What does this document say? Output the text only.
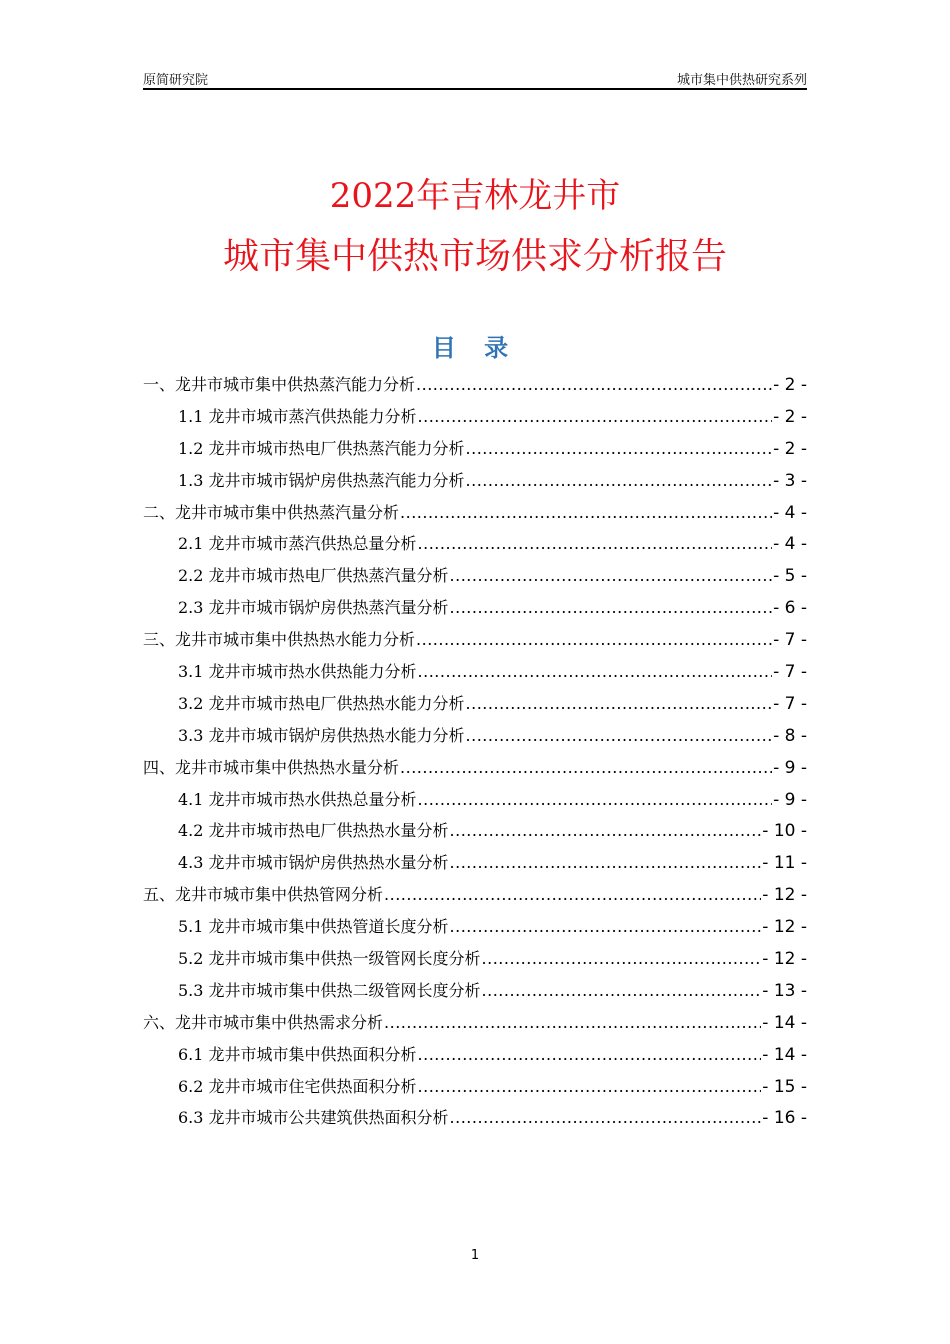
原简研究院	城市集中供热研究系列
2022年吉林龙井市
城市集中供热市场供求分析报告
目 录
一、龙井市城市集中供热蒸汽能力分析 .....	- 2 -
1.1 龙井市城市蒸汽供热能力分析 .....	- 2 -
1.2 龙井市城市热电厂供热蒸汽能力分析 .....	- 2 -
1.3 龙井市城市锅炉房供热蒸汽能力分析 .....	- 3 -
二、龙井市城市集中供热蒸汽量分析 .....	- 4 -
2.1 龙井市城市蒸汽供热总量分析 .....	- 4 -
2.2 龙井市城市热电厂供热蒸汽量分析 .....	- 5 -
2.3 龙井市城市锅炉房供热蒸汽量分析 .....	- 6 -
三、龙井市城市集中供热热水能力分析 .....	- 7 -
3.1 龙井市城市热水供热能力分析 .....	- 7 -
3.2 龙井市城市热电厂供热热水能力分析 .....	- 7 -
3.3 龙井市城市锅炉房供热热水能力分析 .....	- 8 -
四、龙井市城市集中供热热水量分析 .....	- 9 -
4.1 龙井市城市热水供热总量分析 .....	- 9 -
4.2 龙井市城市热电厂供热热水量分析 .....	- 10 -
4.3 龙井市城市锅炉房供热热水量分析 .....	- 11 -
五、龙井市城市集中供热管网分析 .....	- 12 -
5.1 龙井市城市集中供热管道长度分析 .....	- 12 -
5.2 龙井市城市集中供热一级管网长度分析 .....	- 12 -
5.3 龙井市城市集中供热二级管网长度分析 .....	- 13 -
六、龙井市城市集中供热需求分析 .....	- 14 -
6.1 龙井市城市集中供热面积分析 .....	- 14 -
6.2 龙井市城市住宅供热面积分析 .....	- 15 -
6.3 龙井市城市公共建筑供热面积分析 .....	- 16 -
1
